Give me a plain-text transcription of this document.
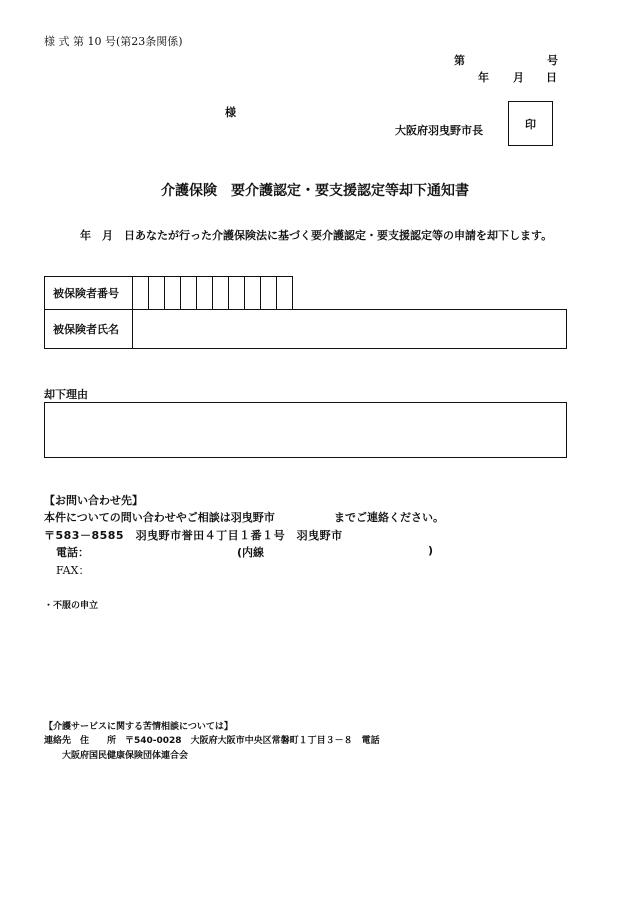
様 式 第 10 号(第23条関係)
第	号
年 月 日
様
大阪府羽曳野市長	印
介護保険　要介護認定・要支援認定等却下通知書
年　月　日あなたが行った介護保険法に基づく要介護認定・要支援認定等の申請を却下します。
被保険者番号
被保険者氏名
却下理由
【お問い合わせ先】
本件についての問い合わせやご相談は羽曳野市	までご連絡ください。
〒583－8585　羽曳野市誉田４丁目１番１号　羽曳野市
電話：	(内線	)
FAX：
・不服の申立
【介護サービスに関する苦情相談については】
連絡先　住　　所　〒540-0028　大阪府大阪市中央区常磐町１丁目３－８　電話
大阪府国民健康保険団体連合会
